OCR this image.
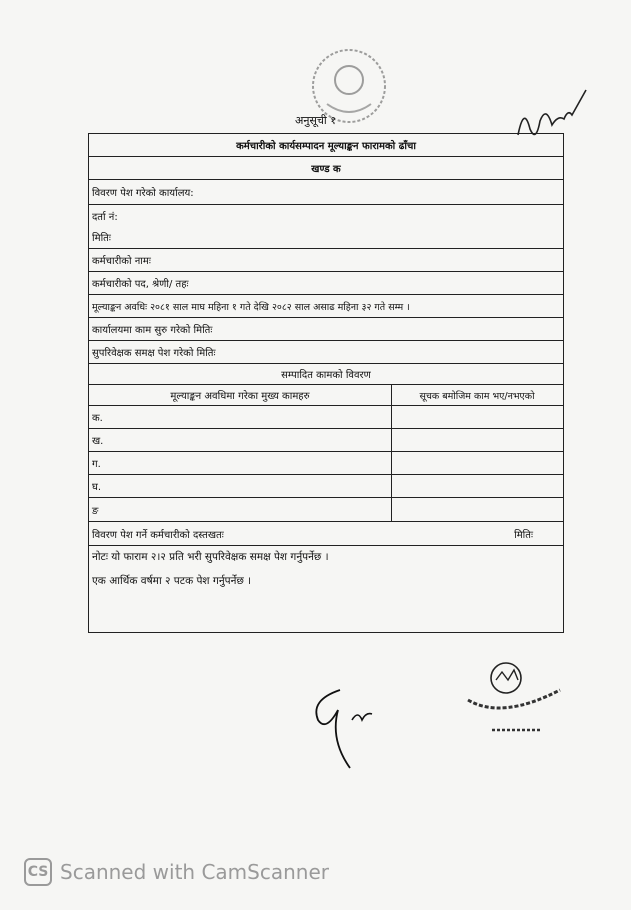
अनुसूची १
कर्मचारीको कार्यसम्पादन मूल्याङ्कन फारामको ढाँचा
खण्ड क
विवरण पेश गरेको कार्यालय:
दर्ता नं:
मितिः
कर्मचारीको नामः
कर्मचारीको पद, श्रेणी/ तहः
मूल्याङ्कन अवधिः २०८१ साल माघ महिना १ गते देखि २०८२ साल असाढ महिना ३२ गते सम्म ।
कार्यालयमा काम सुरु गरेको मितिः
सुपरिवेक्षक समक्ष पेश गरेको मितिः
सम्पादित कामको विवरण
मूल्याङ्कन अवधिमा गरेका मुख्य कामहरु	सूचक बमोजिम काम भए/नभएको
क.
ख.
ग.
घ.
ङ
विवरण पेश गर्ने कर्मचारीको दस्तखतः	मितिः
नोटः यो फाराम २।२ प्रति भरी सुपरिवेक्षक समक्ष पेश गर्नुपर्नेछ ।
एक आर्थिक वर्षमा २ पटक पेश गर्नुपर्नेछ ।
CS Scanned with CamScanner
